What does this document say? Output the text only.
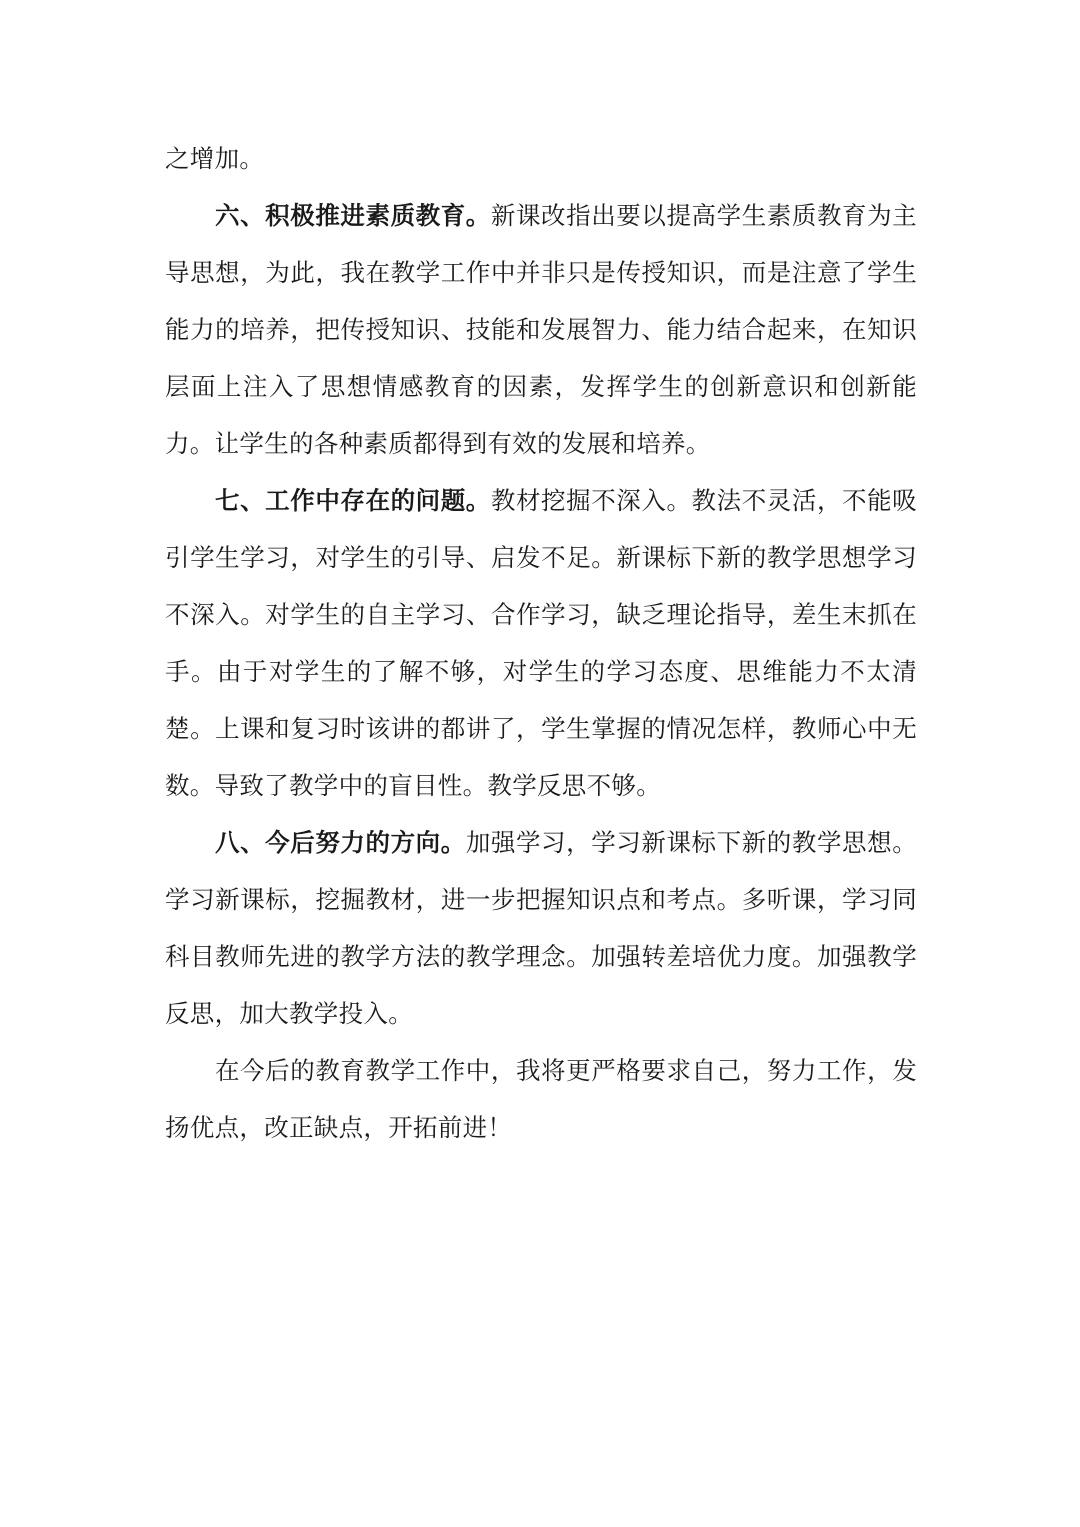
之增加。

六、积极推进素质教育。新课改指出要以提高学生素质教育为主导思想，为此，我在教学工作中并非只是传授知识，而是注意了学生能力的培养，把传授知识、技能和发展智力、能力结合起来，在知识层面上注入了思想情感教育的因素，发挥学生的创新意识和创新能力。让学生的各种素质都得到有效的发展和培养。

七、工作中存在的问题。教材挖掘不深入。教法不灵活，不能吸引学生学习，对学生的引导、启发不足。新课标下新的教学思想学习不深入。对学生的自主学习、合作学习，缺乏理论指导，差生末抓在手。由于对学生的了解不够，对学生的学习态度、思维能力不太清楚。上课和复习时该讲的都讲了，学生掌握的情况怎样，教师心中无数。导致了教学中的盲目性。教学反思不够。

八、今后努力的方向。加强学习，学习新课标下新的教学思想。学习新课标，挖掘教材，进一步把握知识点和考点。多听课，学习同科目教师先进的教学方法的教学理念。加强转差培优力度。加强教学反思，加大教学投入。

在今后的教育教学工作中，我将更严格要求自己，努力工作，发扬优点，改正缺点，开拓前进！
